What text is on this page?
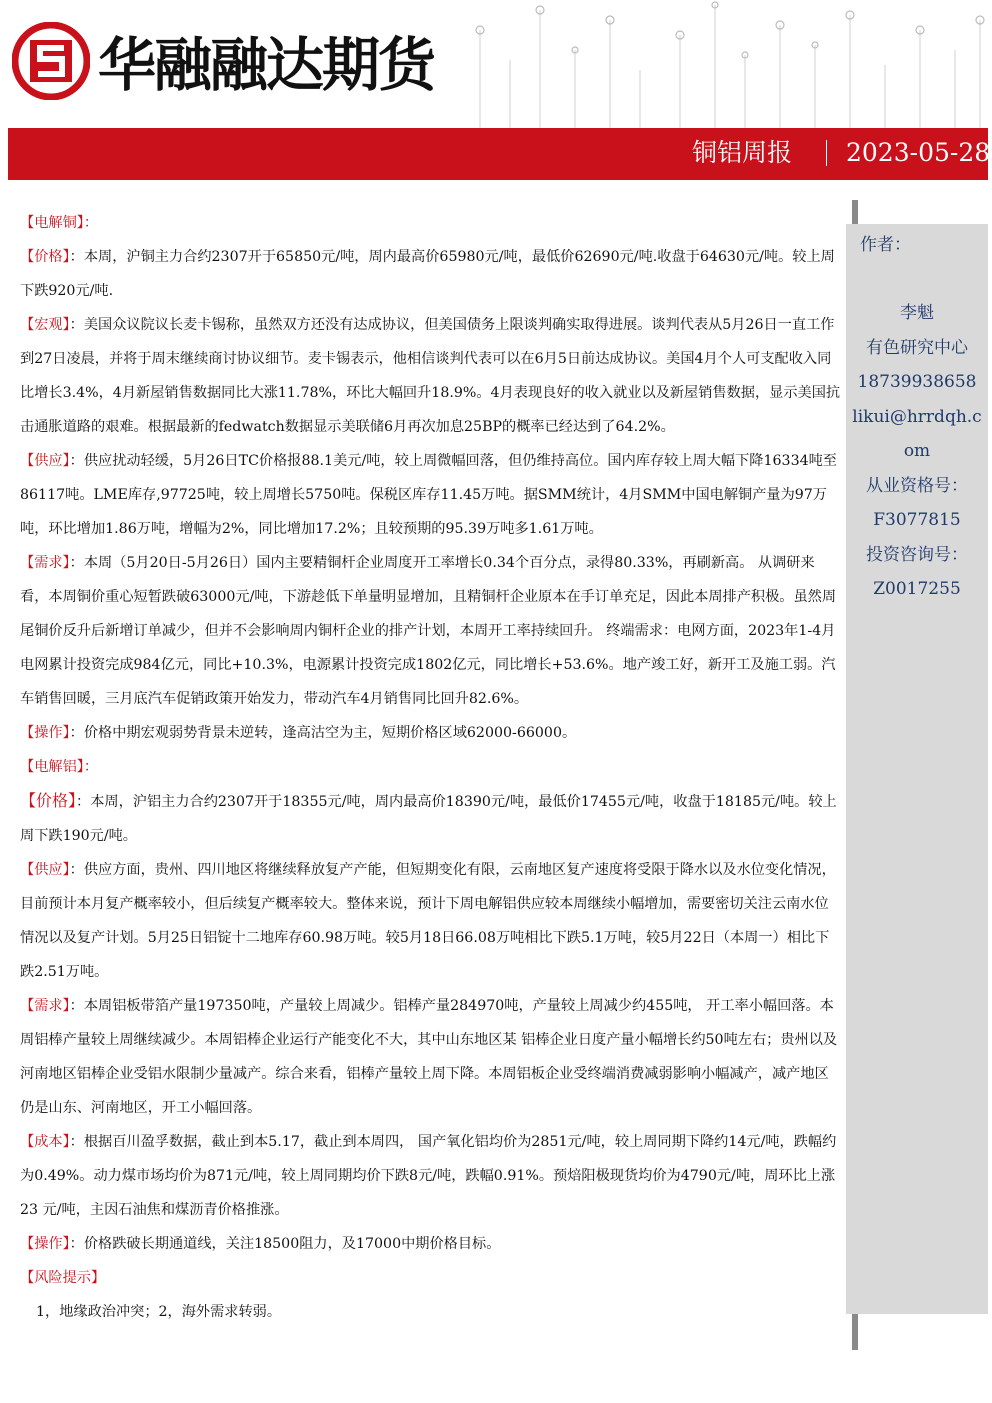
华融融达期货
铜铝周报 2023-05-28
作者：
李魁
有色研究中心
18739938658
likui@hrrdqh.com
从业资格号：
F3077815
投资咨询号：
Z0017255

【电解铜】：

【价格】：本周，沪铜主力合约2307开于65850元/吨，周内最高价65980元/吨，最低价62690元/吨.收盘于64630元/吨。较上周下跌920元/吨.

【宏观】：美国众议院议长麦卡锡称，虽然双方还没有达成协议，但美国债务上限谈判确实取得进展。谈判代表从5月26日一直工作到27日凌晨，并将于周末继续商讨协议细节。麦卡锡表示，他相信谈判代表可以在6月5日前达成协议。美国4月个人可支配收入同比增长3.4%，4月新屋销售数据同比大涨11.78%，环比大幅回升18.9%。4月表现良好的收入就业以及新屋销售数据，显示美国抗击通胀道路的艰难。根据最新的fedwatch数据显示美联储6月再次加息25BP的概率已经达到了64.2%。

【供应】：供应扰动轻缓，5月26日TC价格报88.1美元/吨，较上周微幅回落，但仍维持高位。国内库存较上周大幅下降16334吨至86117吨。LME库存,97725吨，较上周增长5750吨。保税区库存11.45万吨。据SMM统计，4月SMM中国电解铜产量为97万吨，环比增加1.86万吨，增幅为2%，同比增加17.2%；且较预期的95.39万吨多1.61万吨。

【需求】：本周（5月20日-5月26日）国内主要精铜杆企业周度开工率增长0.34个百分点，录得80.33%，再刷新高。 从调研来看，本周铜价重心短暂跌破63000元/吨，下游趁低下单量明显增加，且精铜杆企业原本在手订单充足，因此本周排产积极。虽然周尾铜价反升后新增订单减少，但并不会影响周内铜杆企业的排产计划，本周开工率持续回升。 终端需求：电网方面，2023年1-4月电网累计投资完成984亿元，同比+10.3%，电源累计投资完成1802亿元，同比增长+53.6%。地产竣工好，新开工及施工弱。汽车销售回暖，三月底汽车促销政策开始发力，带动汽车4月销售同比回升82.6%。

【操作】：价格中期宏观弱势背景未逆转，逢高沽空为主，短期价格区域62000-66000。

【电解铝】：

【价格】：本周，沪铝主力合约2307开于18355元/吨，周内最高价18390元/吨，最低价17455元/吨，收盘于18185元/吨。较上周下跌190元/吨。

【供应】：供应方面，贵州、四川地区将继续释放复产产能，但短期变化有限，云南地区复产速度将受限于降水以及水位变化情况，目前预计本月复产概率较小，但后续复产概率较大。整体来说，预计下周电解铝供应较本周继续小幅增加，需要密切关注云南水位情况以及复产计划。5月25日铝锭十二地库存60.98万吨。较5月18日66.08万吨相比下跌5.1万吨，较5月22日（本周一）相比下跌2.51万吨。

【需求】：本周铝板带箔产量197350吨，产量较上周减少。铝棒产量284970吨，产量较上周减少约455吨， 开工率小幅回落。本周铝棒产量较上周继续减少。本周铝棒企业运行产能变化不大，其中山东地区某 铝棒企业日度产量小幅增长约50吨左右；贵州以及河南地区铝棒企业受铝水限制少量减产。综合来看，铝棒产量较上周下降。本周铝板企业受终端消费减弱影响小幅减产，减产地区仍是山东、河南地区，开工小幅回落。

【成本】：根据百川盈孚数据，截止到本5.17，截止到本周四， 国产氧化铝均价为2851元/吨，较上周同期下降约14元/吨，跌幅约为0.49%。动力煤市场均价为871元/吨，较上周同期均价下跌8元/吨，跌幅0.91%。预焙阳极现货均价为4790元/吨，周环比上涨 23 元/吨，主因石油焦和煤沥青价格推涨。

【操作】：价格跌破长期通道线，关注18500阻力，及17000中期价格目标。

【风险提示】

1，地缘政治冲突；2，海外需求转弱。
